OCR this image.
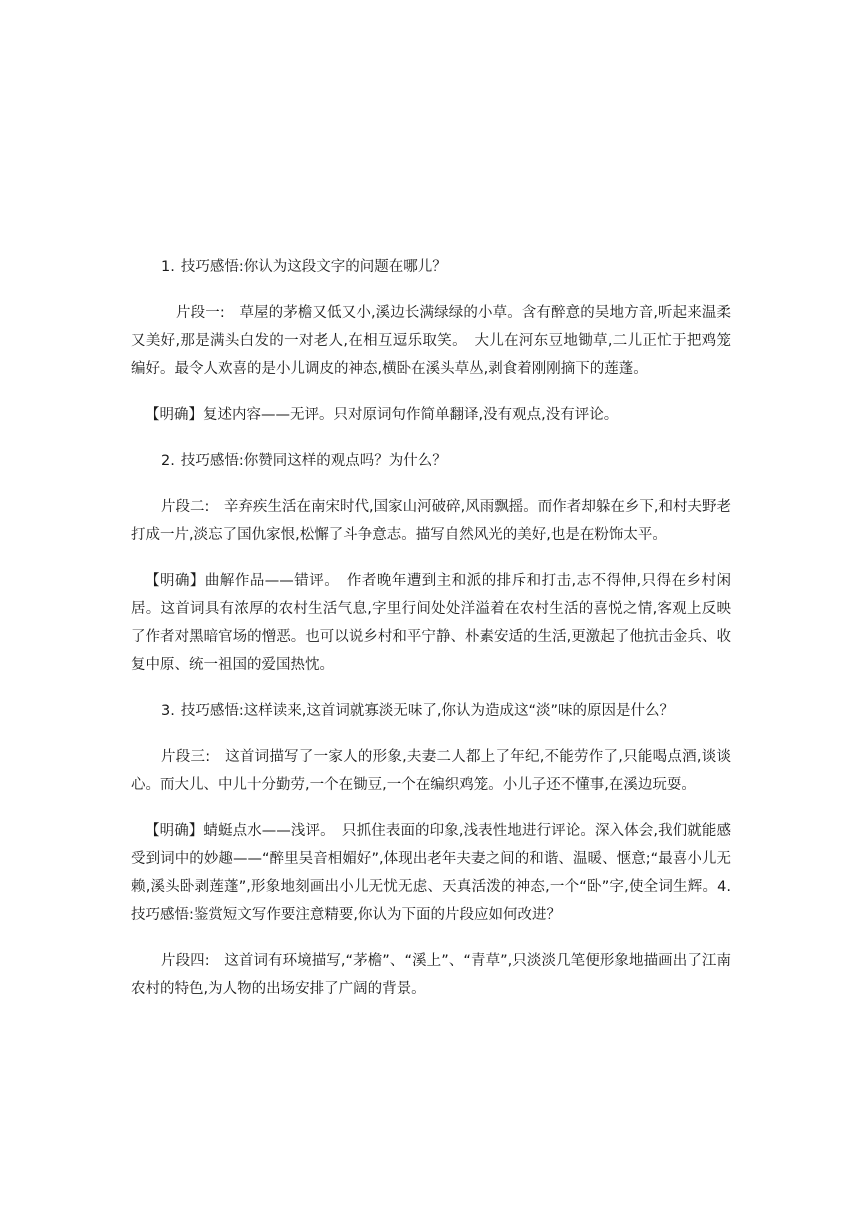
1. 技巧感悟:你认为这段文字的问题在哪儿？

片段一:　草屋的茅檐又低又小,溪边长满绿绿的小草。含有醉意的吴地方音,听起来温柔又美好,那是满头白发的一对老人,在相互逗乐取笑。　大儿在河东豆地锄草,二儿正忙于把鸡笼编好。最令人欢喜的是小儿调皮的神态,横卧在溪头草丛,剥食着刚刚摘下的莲蓬。

【明确】复述内容——无评。只对原词句作简单翻译,没有观点,没有评论。

2. 技巧感悟:你赞同这样的观点吗？为什么？

片段二:　辛弃疾生活在南宋时代,国家山河破碎,风雨飘摇。而作者却躲在乡下,和村夫野老打成一片,淡忘了国仇家恨,松懈了斗争意志。描写自然风光的美好,也是在粉饰太平。

【明确】曲解作品——错评。　作者晚年遭到主和派的排斥和打击,志不得伸,只得在乡村闲居。这首词具有浓厚的农村生活气息,字里行间处处洋溢着在农村生活的喜悦之情,客观上反映了作者对黑暗官场的憎恶。也可以说乡村和平宁静、朴素安适的生活,更激起了他抗击金兵、收复中原、统一祖国的爱国热忱。

3. 技巧感悟:这样读来,这首词就寡淡无味了,你认为造成这“淡”味的原因是什么？

片段三:　这首词描写了一家人的形象,夫妻二人都上了年纪,不能劳作了,只能喝点酒,谈谈心。而大儿、中儿十分勤劳,一个在锄豆,一个在编织鸡笼。小儿子还不懂事,在溪边玩耍。

【明确】蜻蜓点水——浅评。　只抓住表面的印象,浅表性地进行评论。深入体会,我们就能感受到词中的妙趣——“醉里吴音相媚好”,体现出老年夫妻之间的和谐、温暖、惬意;“最喜小儿无赖,溪头卧剥莲蓬”,形象地刻画出小儿无忧无虑、天真活泼的神态,一个“卧”字,使全词生辉。4. 技巧感悟:鉴赏短文写作要注意精要,你认为下面的片段应如何改进？

片段四:　这首词有环境描写,“茅檐”、“溪上”、“青草”,只淡淡几笔便形象地描画出了江南农村的特色,为人物的出场安排了广阔的背景。
